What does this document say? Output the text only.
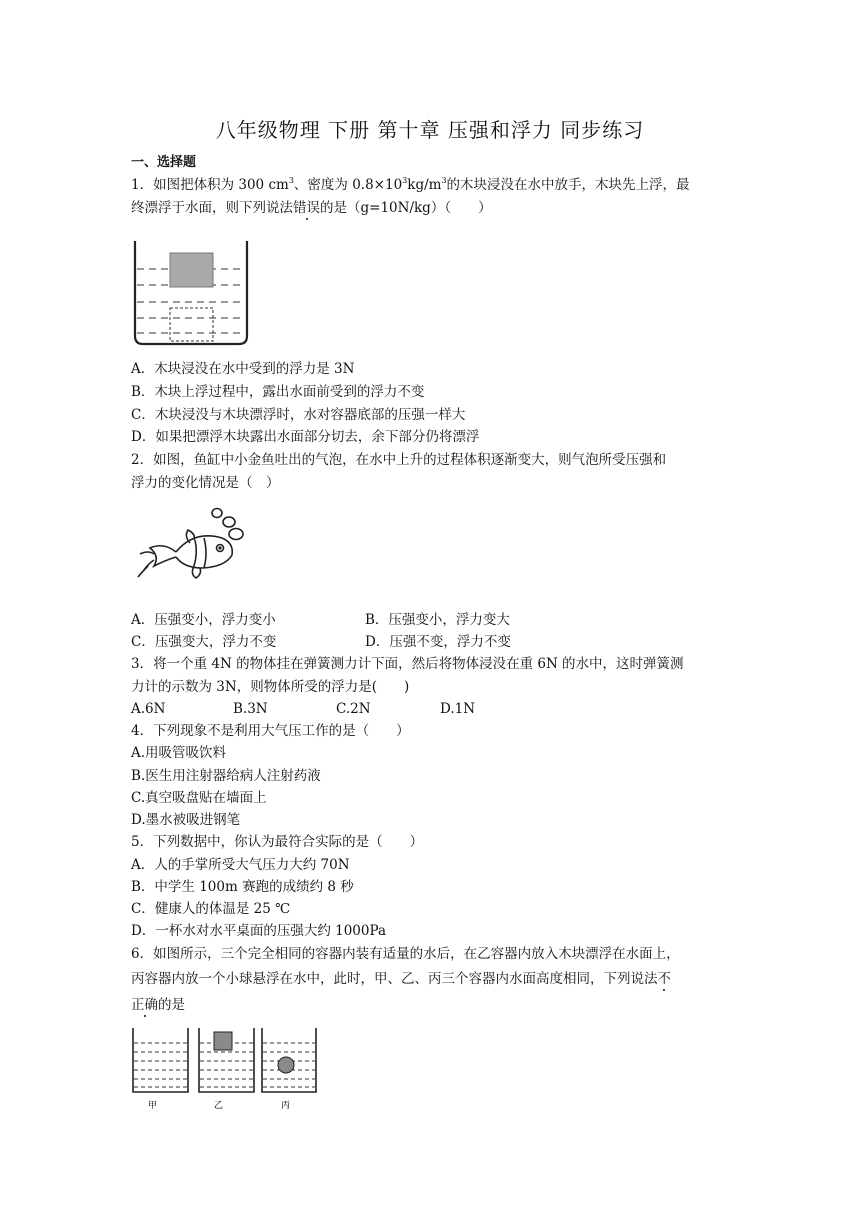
八年级物理 下册 第十章 压强和浮力 同步练习
一、选择题
1．如图把体积为 300 $cm^3$、密度为 $0.8\times 10^3kg/m^3$的木块浸没在水中放手，木块先上浮，最
终漂浮于水面，则下列说法错误的是（g=10N/kg）（　　）
A．木块浸没在水中受到的浮力是 3N
B．木块上浮过程中，露出水面前受到的浮力不变
C．木块浸没与木块漂浮时，水对容器底部的压强一样大
D．如果把漂浮木块露出水面部分切去，余下部分仍将漂浮
2．如图，鱼缸中小金鱼吐出的气泡，在水中上升的过程体积逐渐变大，则气泡所受压强和
浮力的变化情况是（　）
A．压强变小，浮力变小	B．压强变小，浮力变大
C．压强变大，浮力不变	D．压强不变，浮力不变
3．将一个重 4N 的物体挂在弹簧测力计下面，然后将物体浸没在重 6N 的水中，这时弹簧测
力计的示数为 3N，则物体所受的浮力是(　　)
A.6N	B.3N	C.2N	D.1N
4．下列现象不是利用大气压工作的是（　　）
A.用吸管吸饮料
B.医生用注射器给病人注射药液
C.真空吸盘贴在墙面上
D.墨水被吸进钢笔
5．下列数据中，你认为最符合实际的是（　　）
A．人的手掌所受大气压力大约 70N
B．中学生 100m 赛跑的成绩约 8 秒
C．健康人的体温是 25 ℃
D．一杯水对水平桌面的压强大约 1000Pa
6．如图所示，三个完全相同的容器内装有适量的水后，在乙容器内放入木块漂浮在水面上，
丙容器内放一个小球悬浮在水中，此时，甲、乙、丙三个容器内水面高度相同，下列说法不
正确的是
甲	乙	丙
